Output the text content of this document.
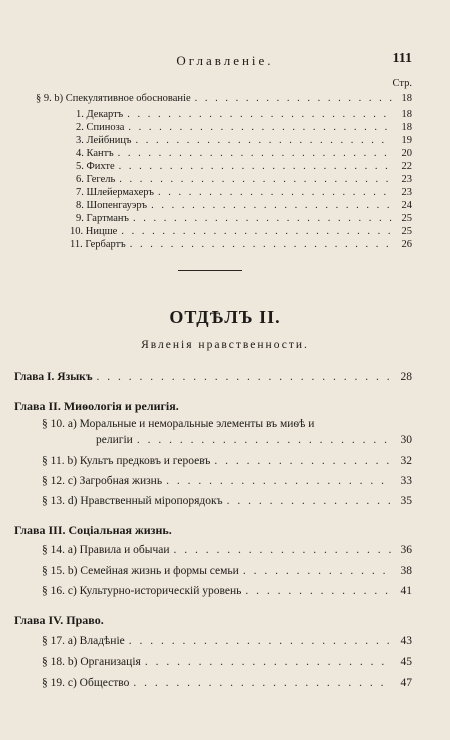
Оглавленіе.	111
Стр.
§ 9. b) Спекулятивное обоснованіе . . .	18
1. Декартъ . . .	18
2. Спиноза . . .	18
3. Лейбницъ . . .	19
4. Кантъ . . .	20
5. Фихте . . .	22
6. Гегель . . .	23
7. Шлейермахеръ . . .	23
8. Шопенгауэръ . . .	24
9. Гартманъ . . .	25
10. Ницше . . .	25
11. Гербартъ . . .	26
ОТДѢЛЪ II.
Явленія нравственности.
Глава I. Языкъ . . .	28
Глава II. Миѳологія и религія.
§ 10. a) Моральные и неморальные элементы въ миѳѣ и
религіи . . .	30
§ 11. b) Культъ предковъ и героевъ . . .	32
§ 12. c) Загробная жизнь . . .	33
§ 13. d) Нравственный міропорядокъ . . .	35
Глава III. Соціальная жизнь.
§ 14. a) Правила и обычаи . . .	36
§ 15. b) Семейная жизнь и формы семьи . . .	38
§ 16. c) Культурно-историческій уровень . . .	41
Глава IV. Право.
§ 17. a) Владѣніе . . .	43
§ 18. b) Организація . . .	45
§ 19. c) Общество . . .	47
